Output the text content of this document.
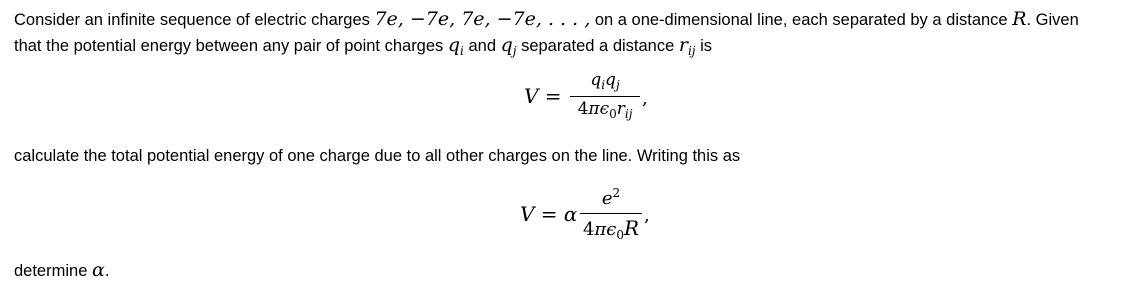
Consider an infinite sequence of electric charges 7e, −7e, 7e, −7e, . . . , on a one-dimensional line, each separated by a distance R. Given
that the potential energy between any pair of point charges $q_i$ and $q_j$ separated a distance $r_{ij}$ is
V =
$q_iq_j$
$4\pi\epsilon_0r_{ij}$
,
calculate the total potential energy of one charge due to all other charges on the line. Writing this as
V = α
$e^2$
$4\pi\epsilon_0R$
,
determine α.
